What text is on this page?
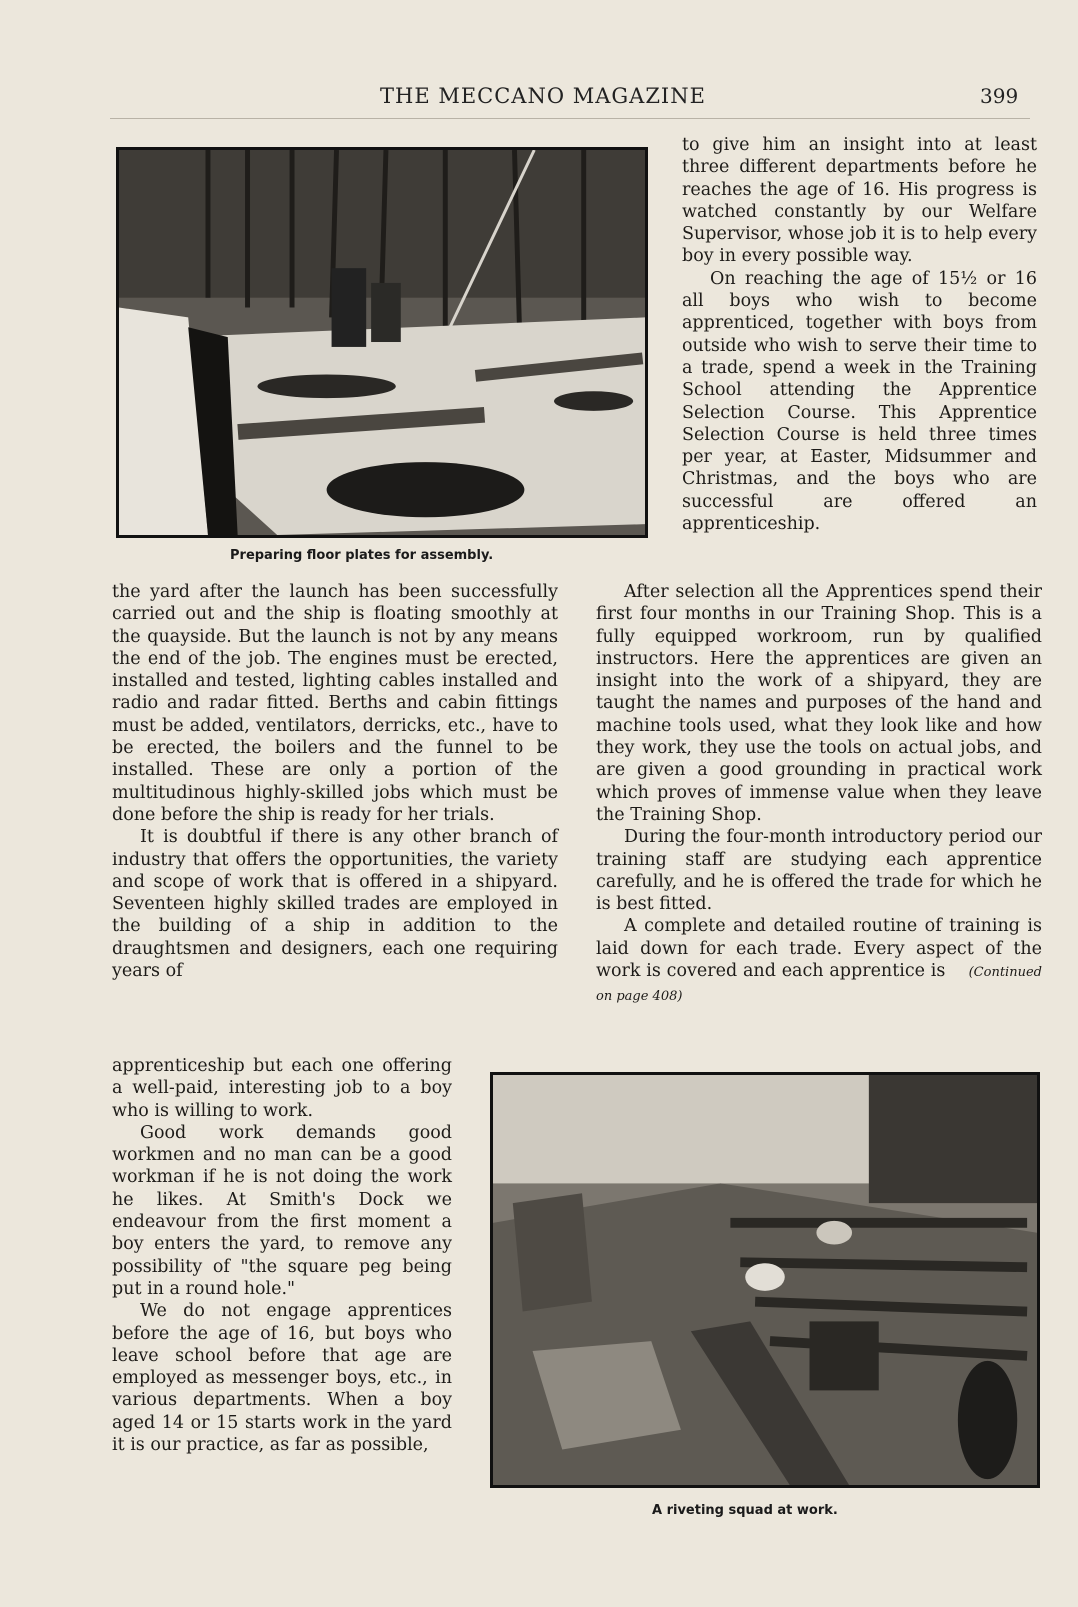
THE MECCANO MAGAZINE	399
Preparing floor plates for assembly.

to give him an insight into at least three different departments before he reaches the age of 16. His progress is watched constantly by our Welfare Supervisor, whose job it is to help every boy in every possible way.

On reaching the age of 15½ or 16 all boys who wish to become apprenticed, together with boys from outside who wish to serve their time to a trade, spend a week in the Training School attending the Apprentice Selection Course. This Apprentice Selection Course is held three times per year, at Easter, Midsummer and Christmas, and the boys who are successful are offered an apprenticeship.

the yard after the launch has been successfully carried out and the ship is floating smoothly at the quayside. But the launch is not by any means the end of the job. The engines must be erected, installed and tested, lighting cables installed and radio and radar fitted. Berths and cabin fittings must be added, ventilators, derricks, etc., have to be erected, the boilers and the funnel to be installed. These are only a portion of the multitudinous highly-skilled jobs which must be done before the ship is ready for her trials.

It is doubtful if there is any other branch of industry that offers the opportunities, the variety and scope of work that is offered in a shipyard. Seventeen highly skilled trades are employed in the building of a ship in addition to the draughtsmen and designers, each one requiring years of

apprenticeship but each one offering a well-paid, interesting job to a boy who is willing to work.

Good work demands good workmen and no man can be a good workman if he is not doing the work he likes. At Smith's Dock we endeavour from the first moment a boy enters the yard, to remove any possibility of "the square peg being put in a round hole."

We do not engage apprentices before the age of 16, but boys who leave school before that age are employed as messenger boys, etc., in various departments. When a boy aged 14 or 15 starts work in the yard it is our practice, as far as possible,

After selection all the Apprentices spend their first four months in our Training Shop. This is a fully equipped workroom, run by qualified instructors. Here the apprentices are given an insight into the work of a shipyard, they are taught the names and purposes of the hand and machine tools used, what they look like and how they work, they use the tools on actual jobs, and are given a good grounding in practical work which proves of immense value when they leave the Training Shop.

During the four-month introductory period our training staff are studying each apprentice carefully, and he is offered the trade for which he is best fitted.

A complete and detailed routine of training is laid down for each trade. Every aspect of the work is covered and each apprentice is (Continued on page 408)

A riveting squad at work.
